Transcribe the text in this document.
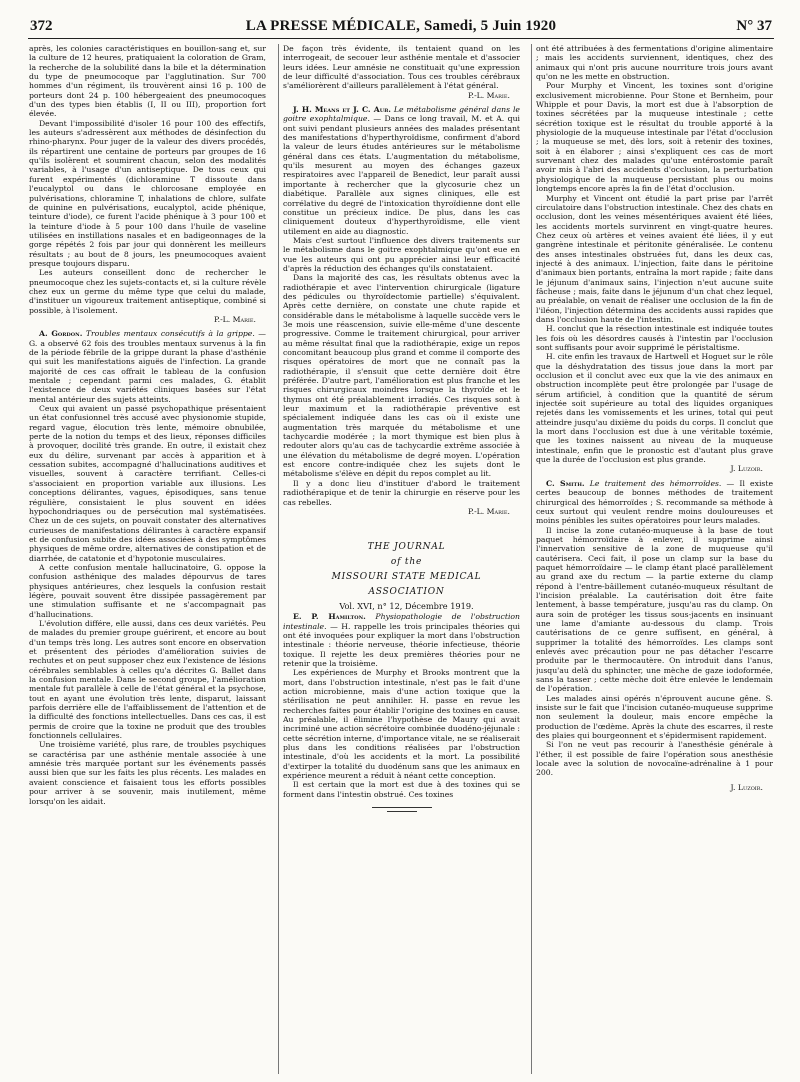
372	LA PRESSE MÉDICALE, Samedi, 5 Juin 1920	N° 37

après, les colonies caractéristiques en bouillon-sang et, sur la culture de 12 heures, pratiquaient la coloration de Gram, la recherche de la solubilité dans la bile et la détermination du type de pneumocoque par l'agglutination. Sur 700 hommes d'un régiment, ils trouvèrent ainsi 16 p. 100 de porteurs dont 24 p. 100 hébergeaient des pneumocoques d'un des types bien établis (I, II ou III), proportion fort élevée.

Devant l'impossibilité d'isoler 16 pour 100 des effectifs, les auteurs s'adressèrent aux méthodes de désinfection du rhino-pharynx. Pour juger de la valeur des divers procédés, ils répartirent une centaine de porteurs par groupes de 16 qu'ils isolèrent et soumirent chacun, selon des modalités variables, à l'usage d'un antiseptique. De tous ceux qui furent expérimentés (dichloramine T dissoute dans l'eucalyptol ou dans le chlorcosane employée en pulvérisations, chloramine T, inhalations de chlore, sulfate de quinine en pulvérisations, eucalyptol, acide phénique, teinture d'iode), ce furent l'acide phénique à 3 pour 100 et la teinture d'iode à 5 pour 100 dans l'huile de vaseline utilisées en instillations nasales et en badigeonnages de la gorge répétés 2 fois par jour qui donnèrent les meilleurs résultats ; au bout de 8 jours, les pneumocoques avaient presque toujours disparu.

Les auteurs conseillent donc de rechercher le pneumocoque chez les sujets-contacts et, si la culture révèle chez eux un germe du même type que celui du malade, d'instituer un vigoureux traitement antiseptique, combiné si possible, à l'isolement.

P.-L. Marie.

A. Gordon. Troubles mentaux consécutifs à la grippe. — G. a observé 62 fois des troubles mentaux survenus à la fin de la période fébrile de la grippe durant la phase d'asthénie qui suit les manifestations aiguës de l'infection. La grande majorité de ces cas offrait le tableau de la confusion mentale ; cependant parmi ces malades, G. établit l'existence de deux variétés cliniques basées sur l'état mental antérieur des sujets atteints.

Ceux qui avaient un passé psychopathique présentaient un état confusionnel très accusé avec physionomie stupide, regard vague, élocution très lente, mémoire obnubilée, perte de la notion du temps et des lieux, réponses difficiles à provoquer, docilité très grande. En outre, il existait chez eux du délire, survenant par accès à apparition et à cessation subites, accompagné d'hallucinations auditives et visuelles, souvent à caractère terrifiant. Celles-ci s'associaient en proportion variable aux illusions. Les conceptions délirantes, vagues, épisodiques, sans tenue régulière, consistaient le plus souvent en idées hypochondriaques ou de persécution mal systématisées. Chez un de ces sujets, on pouvait constater des alternatives curieuses de manifestations délirantes à caractère expansif et de confusion subite des idées associées à des symptômes physiques de même ordre, alternatives de constipation et de diarrhée, de catatonie et d'hypotonie musculaires.

A cette confusion mentale hallucinatoire, G. oppose la confusion asthénique des malades dépourvus de tares physiques antérieures, chez lesquels la confusion restait légère, pouvait souvent être dissipée passagèrement par une stimulation suffisante et ne s'accompagnait pas d'hallucinations.

L'évolution différe, elle aussi, dans ces deux variétés. Peu de malades du premier groupe guérirent, et encore au bout d'un temps très long. Les autres sont encore en observation et présentent des périodes d'amélioration suivies de rechutes et on peut supposer chez eux l'existence de lésions cérébrales semblables à celles qu'a décrites G. Ballet dans la confusion mentale. Dans le second groupe, l'amélioration mentale fut parallèle à celle de l'état général et la psychose, tout en ayant une évolution très lente, disparut, laissant parfois derrière elle de l'affaiblissement de l'attention et de la difficulté des fonctions intellectuelles. Dans ces cas, il est permis de croire que la toxine ne produit que des troubles fonctionnels cellulaires.

Une troisième variété, plus rare, de troubles psychiques se caractérisa par une asthénie mentale associée à une amnésie très marquée portant sur les événements passés aussi bien que sur les faits les plus récents. Les malades en avaient conscience et faisaient tous les efforts possibles pour arriver à se souvenir, mais inutilement, même lorsqu'on les aidait.

De façon très évidente, ils tentaient quand on les interrogeait, de secouer leur asthénie mentale et d'associer leurs idées. Leur amnésie ne constituait qu'une expression de leur difficulté d'association. Tous ces troubles cérébraux s'améliorèrent d'ailleurs parallèlement à l'état général.

P.-L. Marie.

J. H. Means et J. C. Aub. Le métabolisme général dans le goitre exophtalmique. — Dans ce long travail, M. et A. qui ont suivi pendant plusieurs années des malades présentant des manifestations d'hyperthyroïdisme, confirment d'abord la valeur de leurs études antérieures sur le métabolisme général dans ces états. L'augmentation du métabolisme, qu'ils mesurent au moyen des échanges gazeux respiratoires avec l'appareil de Benedict, leur paraît aussi importante à rechercher que la glycosurie chez un diabétique. Parallèle aux signes cliniques, elle est corrélative du degré de l'intoxication thyroïdienne dont elle constitue un précieux indice. De plus, dans les cas cliniquement douteux d'hyperthyroïdisme, elle vient utilement en aide au diagnostic.

Mais c'est surtout l'influence des divers traitements sur le métabolisme dans le goitre exophtalmique qu'ont eue en vue les auteurs qui ont pu apprécier ainsi leur efficacité d'après la réduction des échanges qu'ils constataient.

Dans la majorité des cas, les résultats obtenus avec la radiothérapie et avec l'intervention chirurgicale (ligature des pédicules ou thyroïdectomie partielle) s'équivalent. Après cette dernière, on constate une chute rapide et considérable dans le métabolisme à laquelle succède vers le 3e mois une réascension, suivie elle-même d'une descente progressive. Comme le traitement chirurgical, pour arriver au même résultat final que la radiothérapie, exige un repos concomitant beaucoup plus grand et comme il comporte des risques opératoires de mort que ne connaît pas la radiothérapie, il s'ensuit que cette dernière doit être préférée. D'autre part, l'amélioration est plus franche et les risques chirurgicaux moindres lorsque la thyroïde et le thymus ont été préalablement irradiés. Ces risques sont à leur maximum et la radiothérapie préventive est spécialement indiquée dans les cas où il existe une augmentation très marquée du métabolisme et une tachycardie modérée ; la mort thymique est bien plus à redouter alors qu'au cas de tachycardie extrême associée à une élévation du métabolisme de degré moyen. L'opération est encore contre-indiquée chez les sujets dont le métabolisme s'élève en dépit du repos complet au lit.

Il y a donc lieu d'instituer d'abord le traitement radiothérapique et de tenir la chirurgie en réserve pour les cas rebelles.

P.-L. Marie.

THE JOURNAL

of the

MISSOURI STATE MEDICAL

ASSOCIATION

Vol. XVI, n° 12, Décembre 1919.

E. P. Hamilton. Physiopathologie de l'obstruction intestinale. — H. rappelle les trois principales théories qui ont été invoquées pour expliquer la mort dans l'obstruction intestinale : théorie nerveuse, théorie infectieuse, théorie toxique. Il rejette les deux premières théories pour ne retenir que la troisième.

Les expériences de Murphy et Brooks montrent que la mort, dans l'obstruction intestinale, n'est pas le fait d'une action microbienne, mais d'une action toxique que la stérilisation ne peut annihiler. H. passe en revue les recherches faites pour établir l'origine des toxines en cause. Au préalable, il élimine l'hypothèse de Maury qui avait incriminé une action sécrétoire combinée duodéno-jéjunale : cette sécrétion interne, d'importance vitale, ne se réaliserait plus dans les conditions réalisées par l'obstruction intestinale, d'où les accidents et la mort. La possibilité d'extirper la totalité du duodénum sans que les animaux en expérience meurent a réduit à néant cette conception.

Il est certain que la mort est due à des toxines qui se forment dans l'intestin obstrué. Ces toxines

ont été attribuées à des fermentations d'origine alimentaire ; mais les accidents surviennent, identiques, chez des animaux qui n'ont pris aucune nourriture trois jours avant qu'on ne les mette en obstruction.

Pour Murphy et Vincent, les toxines sont d'origine exclusivement microbienne. Pour Stone et Bernheim, pour Whipple et pour Davis, la mort est due à l'absorption de toxines sécrétées par la muqueuse intestinale ; cette sécrétion toxique est le résultat du trouble apporté à la physiologie de la muqueuse intestinale par l'état d'occlusion ; la muqueuse se met, dès lors, soit à retenir des toxines, soit à en élaborer ; ainsi s'expliquent ces cas de mort survenant chez des malades qu'une entérostomie paraît avoir mis à l'abri des accidents d'occlusion, la perturbation physiologique de la muqueuse persistant plus ou moins longtemps encore après la fin de l'état d'occlusion.

Murphy et Vincent ont étudié la part prise par l'arrêt circulatoire dans l'obstruction intestinale. Chez des chats en occlusion, dont les veines mésentériques avaient été liées, les accidents mortels survinrent en vingt-quatre heures. Chez ceux où artères et veines avaient été liées, il y eut gangrène intestinale et péritonite généralisée. Le contenu des anses intestinales obstruées fut, dans les deux cas, injecté à des animaux. L'injection, faite dans le péritoine d'animaux bien portants, entraîna la mort rapide ; faite dans le jéjunum d'animaux sains, l'injection n'eut aucune suite fâcheuse ; mais, faite dans le jéjunum d'un chat chez lequel, au préalable, on venait de réaliser une occlusion de la fin de l'iléon, l'injection détermina des accidents aussi rapides que dans l'occlusion haute de l'intestin.

H. conclut que la résection intestinale est indiquée toutes les fois où les désordres causés à l'intestin par l'occlusion sont suffisants pour avoir supprimé le péristaltisme.

H. cite enfin les travaux de Hartwell et Hoguet sur le rôle que la déshydratation des tissus joue dans la mort par occlusion et il conclut avec eux que la vie des animaux en obstruction incomplète peut être prolongée par l'usage de sérum artificiel, à condition que la quantité de sérum injectée soit supérieure au total des liquides organiques rejetés dans les vomissements et les urines, total qui peut atteindre jusqu'au dixième du poids du corps. Il conclut que la mort dans l'occlusion est due à une véritable toxémie, que les toxines naissent au niveau de la muqueuse intestinale, enfin que le pronostic est d'autant plus grave que la durée de l'occlusion est plus grande.

J. Luzoir.

C. Smith. Le traitement des hémorroïdes. — Il existe certes beaucoup de bonnes méthodes de traitement chirurgical des hémorroïdes ; S. recommande sa méthode à ceux surtout qui veulent rendre moins douloureuses et moins pénibles les suites opératoires pour leurs malades.

Il incise la zone cutanéo-muqueuse à la base de tout paquet hémorroïdaire à enlever, il supprime ainsi l'innervation sensitive de la zone de muqueuse qu'il cautérisera. Ceci fait, il pose un clamp sur la base du paquet hémorroïdaire — le clamp étant placé parallèlement au grand axe du rectum — la partie externe du clamp répond à l'entre-bâillement cutanéo-muqueux résultant de l'incision préalable. La cautérisation doit être faite lentement, à basse température, jusqu'au ras du clamp. On aura soin de protéger les tissus sous-jacents en insinuant une lame d'amiante au-dessous du clamp. Trois cautérisations de ce genre suffisent, en général, à supprimer la totalité des hémorroïdes. Les clamps sont enlevés avec précaution pour ne pas détacher l'escarre produite par le thermocautère. On introduit dans l'anus, jusqu'au delà du sphincter, une mèche de gaze iodoformée, sans la tasser ; cette mèche doit être enlevée le lendemain de l'opération.

Les malades ainsi opérés n'éprouvent aucune gêne. S. insiste sur le fait que l'incision cutanéo-muqueuse supprime non seulement la douleur, mais encore empêche la production de l'œdème. Après la chute des escarres, il reste des plaies qui bourgeonnent et s'épidermisent rapidement.

Si l'on ne veut pas recourir à l'anesthésie générale à l'éther, il est possible de faire l'opération sous anesthésie locale avec la solution de novocaïne-adrénaline à 1 pour 200.

J. Luzoir.
